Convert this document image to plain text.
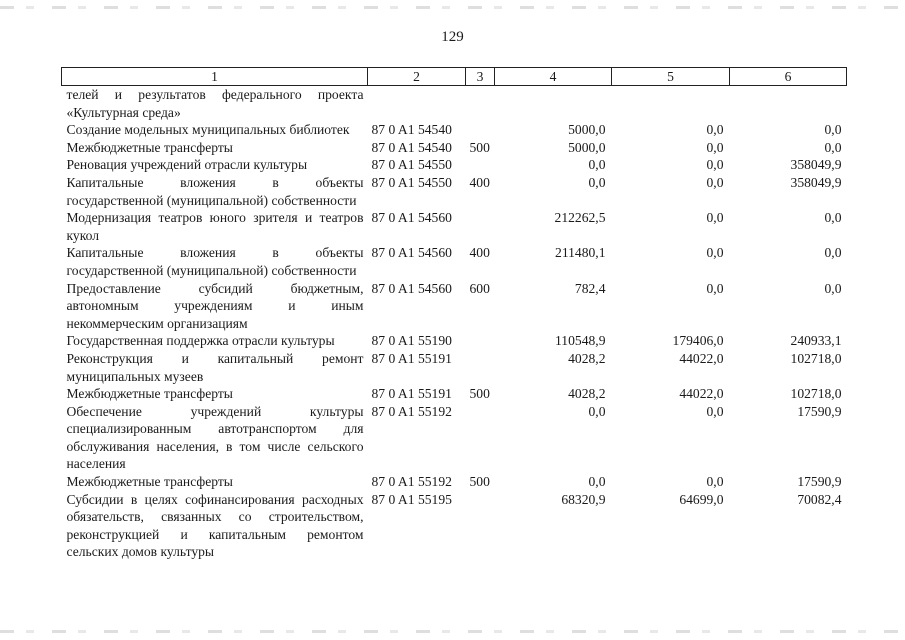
129
1	2	3	4	5	6
телей и результатов федерального проекта «Культурная среда»					
Создание модельных муниципальных библиотек	87 0 A1 54540		5000,0	0,0	0,0
Межбюджетные трансферты	87 0 A1 54540	500	5000,0	0,0	0,0
Реновация учреждений отрасли культуры	87 0 A1 54550		0,0	0,0	358049,9
Капитальные вложения в объекты государственной (муниципальной) собственности	87 0 A1 54550	400	0,0	0,0	358049,9
Модернизация театров юного зрителя и театров кукол	87 0 A1 54560		212262,5	0,0	0,0
Капитальные вложения в объекты государственной (муниципальной) собственности	87 0 A1 54560	400	211480,1	0,0	0,0
Предоставление субсидий бюджетным, автономным учреждениям и иным некоммерческим организациям	87 0 A1 54560	600	782,4	0,0	0,0
Государственная поддержка отрасли культуры	87 0 A1 55190		110548,9	179406,0	240933,1
Реконструкция и капитальный ремонт муниципальных музеев	87 0 A1 55191		4028,2	44022,0	102718,0
Межбюджетные трансферты	87 0 A1 55191	500	4028,2	44022,0	102718,0
Обеспечение учреждений культуры специализированным автотранспортом для обслуживания населения, в том числе сельского населения	87 0 A1 55192		0,0	0,0	17590,9
Межбюджетные трансферты	87 0 A1 55192	500	0,0	0,0	17590,9
Субсидии в целях софинансирования расходных обязательств, связанных со строительством, реконструкцией и капитальным ремонтом сельских домов культуры	87 0 A1 55195		68320,9	64699,0	70082,4
